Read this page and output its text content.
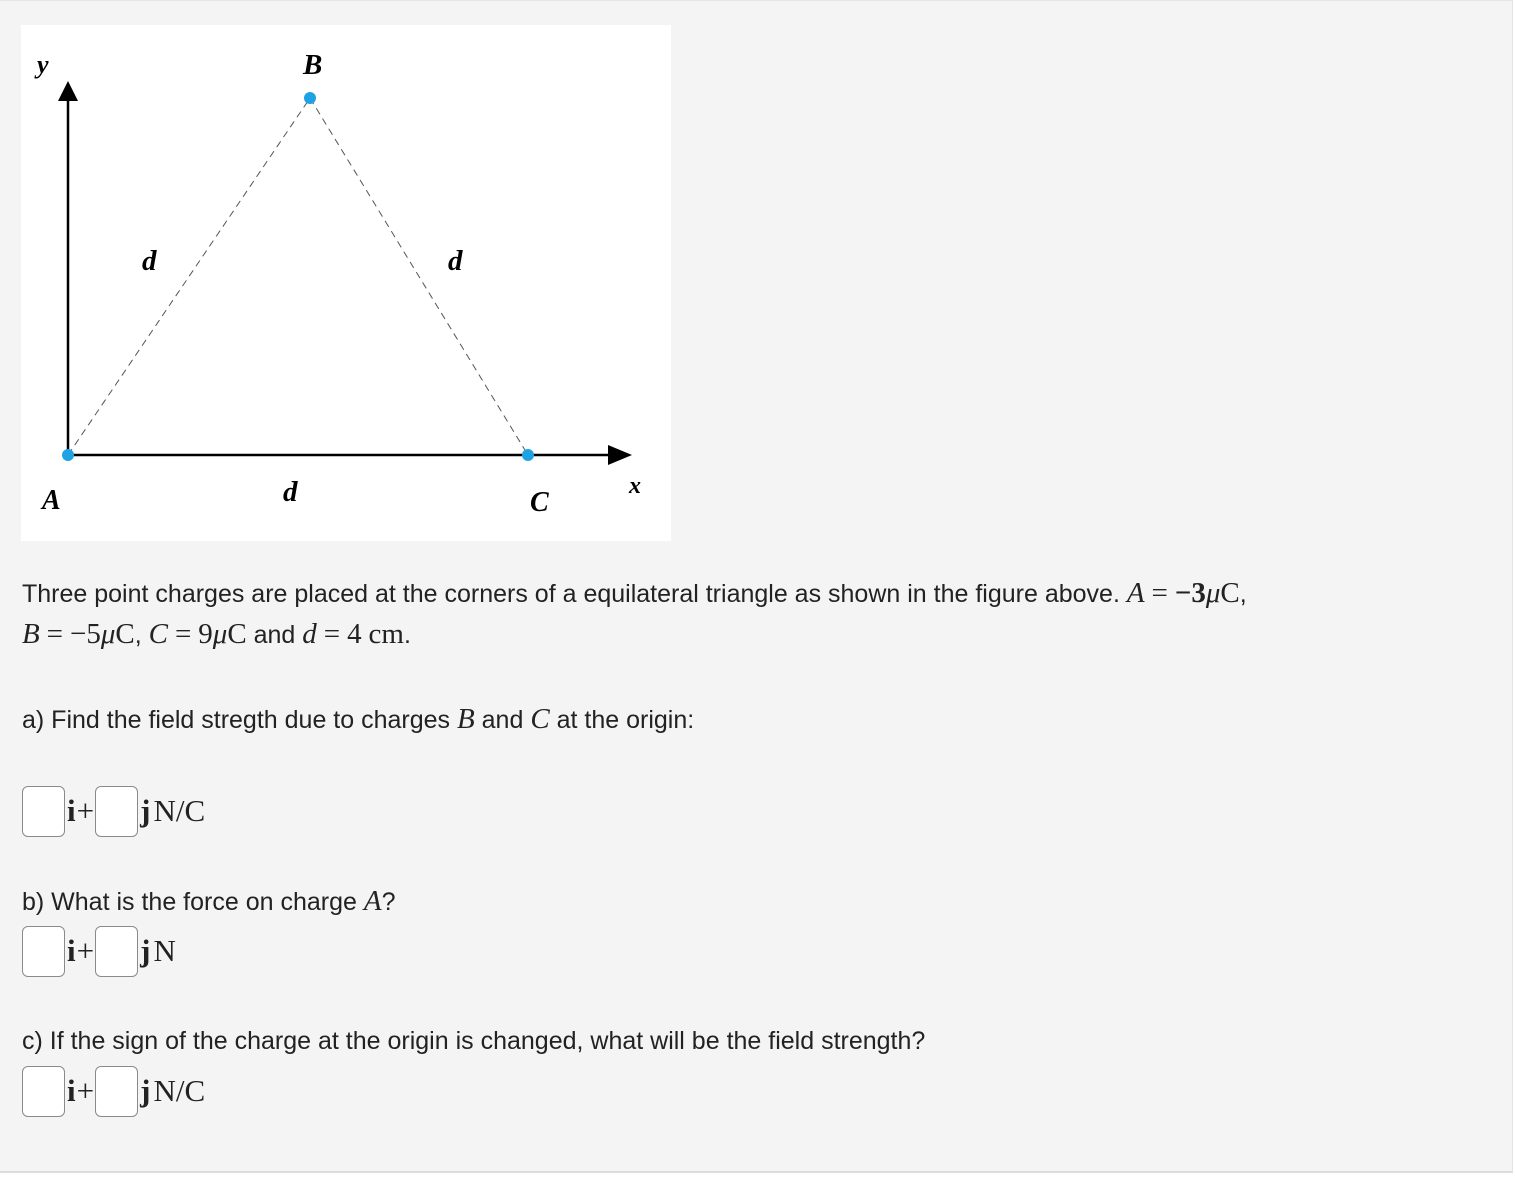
y
x
B
A	C
d	d
d
Three point charges are placed at the corners of a equilateral triangle as shown in the figure above. A = −3μC,
B = −5μC, C = 9μC and d = 4 cm.
a) Find the field stregth due to charges B and C at the origin:
i + j N/C
b) What is the force on charge A?
i + j N
c) If the sign of the charge at the origin is changed, what will be the field strength?
i + j N/C
